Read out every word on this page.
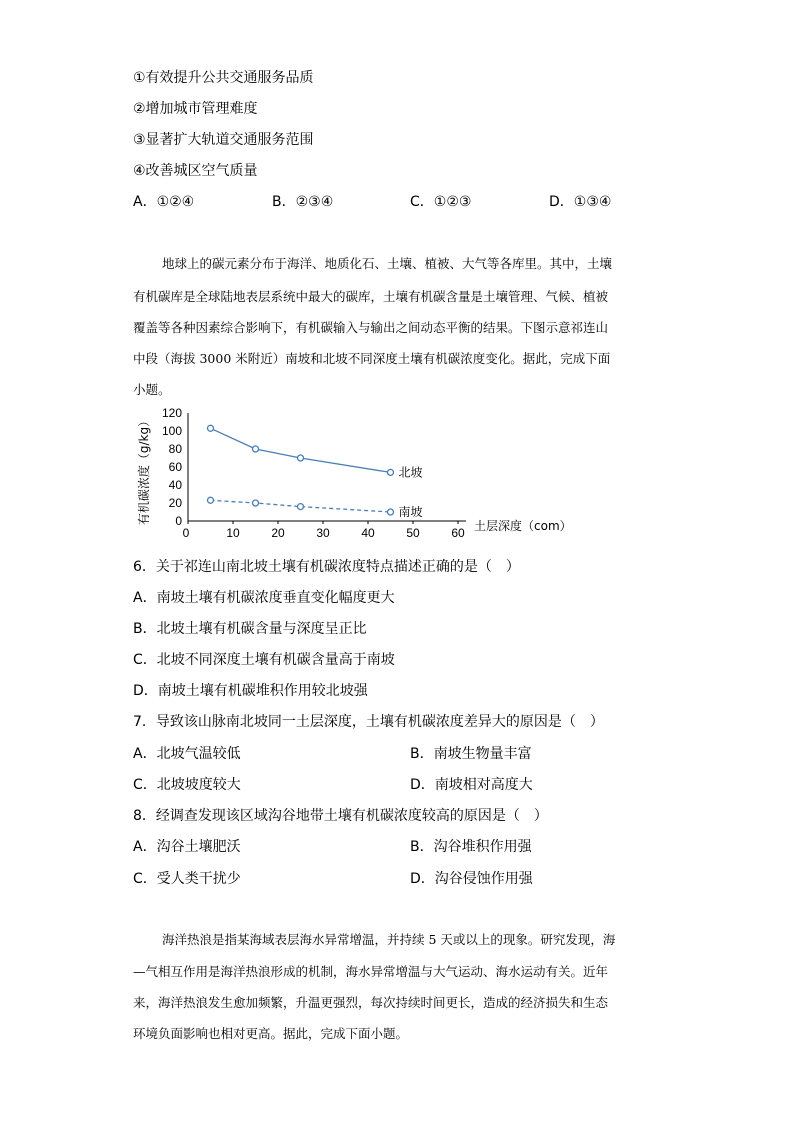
①有效提升公共交通服务品质
②增加城市管理难度
③显著扩大轨道交通服务范围
④改善城区空气质量
A．①②④	B．②③④	C．①②③	D．①③④
地球上的碳元素分布于海洋、地质化石、土壤、植被、大气等各库里。其中，土壤
有机碳库是全球陆地表层系统中最大的碳库，土壤有机碳含量是土壤管理、气候、植被
覆盖等各种因素综合影响下，有机碳输入与输出之间动态平衡的结果。下图示意祁连山
中段（海拔 3000 米附近）南坡和北坡不同深度土壤有机碳浓度变化。据此，完成下面
小题。
0
20
40
60
80
100
120
0	10	20	30	40	50	60
北坡
南坡
有机碳浓度（g/kg）
土层深度（com）
6．关于祁连山南北坡土壤有机碳浓度特点描述正确的是（　）
A．南坡土壤有机碳浓度垂直变化幅度更大
B．北坡土壤有机碳含量与深度呈正比
C．北坡不同深度土壤有机碳含量高于南坡
D．南坡土壤有机碳堆积作用较北坡强
7．导致该山脉南北坡同一土层深度，土壤有机碳浓度差异大的原因是（　）
A．北坡气温较低	B．南坡生物量丰富
C．北坡坡度较大	D．南坡相对高度大
8．经调查发现该区域沟谷地带土壤有机碳浓度较高的原因是（　）
A．沟谷土壤肥沃	B．沟谷堆积作用强
C．受人类干扰少	D．沟谷侵蚀作用强
海洋热浪是指某海域表层海水异常增温，并持续 5 天或以上的现象。研究发现，海
—气相互作用是海洋热浪形成的机制，海水异常增温与大气运动、海水运动有关。近年
来，海洋热浪发生愈加频繁，升温更强烈，每次持续时间更长，造成的经济损失和生态
环境负面影响也相对更高。据此，完成下面小题。
